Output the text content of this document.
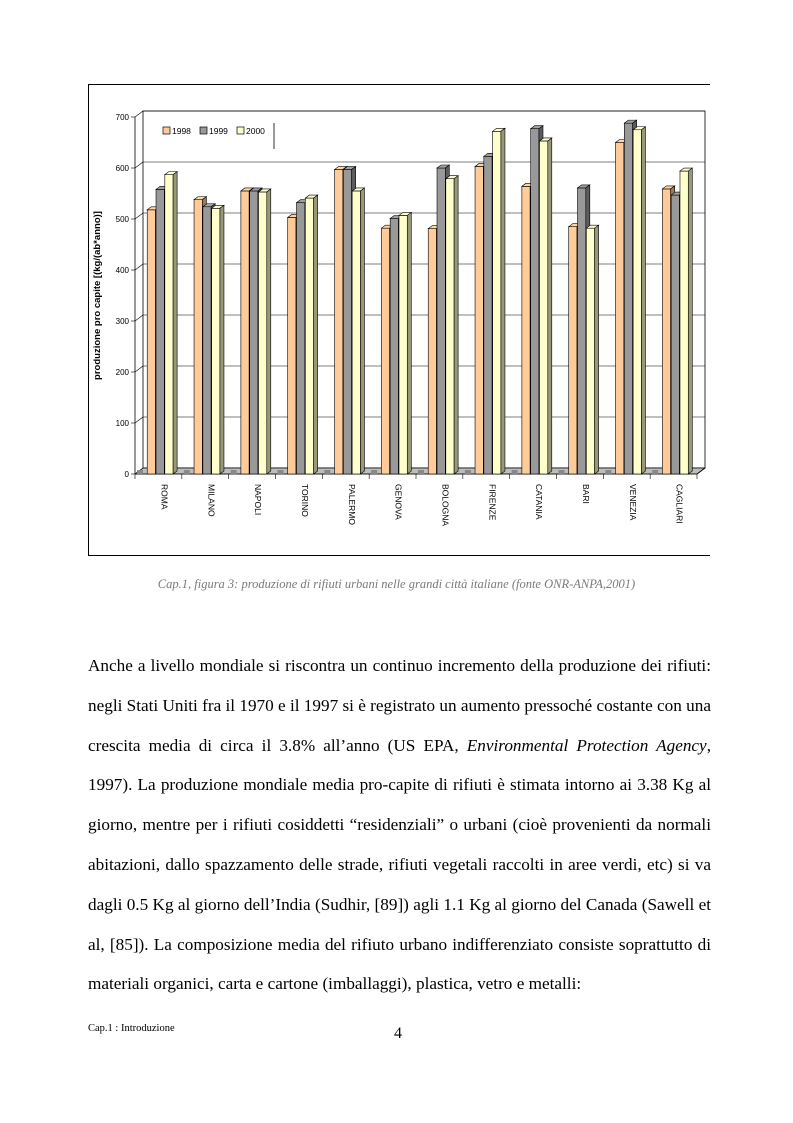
0
100
200
300
400
500
600
700
produzione pro capite [(kg/(ab*anno)]
ROMA	MILANO	NAPOLI	TORINO	PALERMO	GENOVA	BOLOGNA	FIRENZE	CATANIA	BARI	VENEZIA	CAGLIARI
1998 1999 2000
Cap.1, figura 3: produzione di rifiuti urbani nelle grandi città italiane (fonte ONR-ANPA,2001)

Anche a livello mondiale si riscontra un continuo incremento della produzione dei rifiuti: negli Stati Uniti fra il 1970 e il 1997 si è registrato un aumento pressoché costante con una crescita media di circa il 3.8% all’anno (US EPA, Environmental Protection Agency, 1997). La produzione mondiale media pro-capite di rifiuti è stimata intorno ai 3.38 Kg al giorno, mentre per i rifiuti cosiddetti “residenziali” o urbani (cioè provenienti da normali abitazioni, dallo spazzamento delle strade, rifiuti vegetali raccolti in aree verdi, etc) si va dagli 0.5 Kg al giorno dell’India (Sudhir, [89]) agli 1.1 Kg al giorno del Canada (Sawell et al, [85]). La composizione media del rifiuto urbano indifferenziato consiste soprattutto di materiali organici, carta e cartone (imballaggi), plastica, vetro e metalli:

Cap.1 : Introduzione	4
